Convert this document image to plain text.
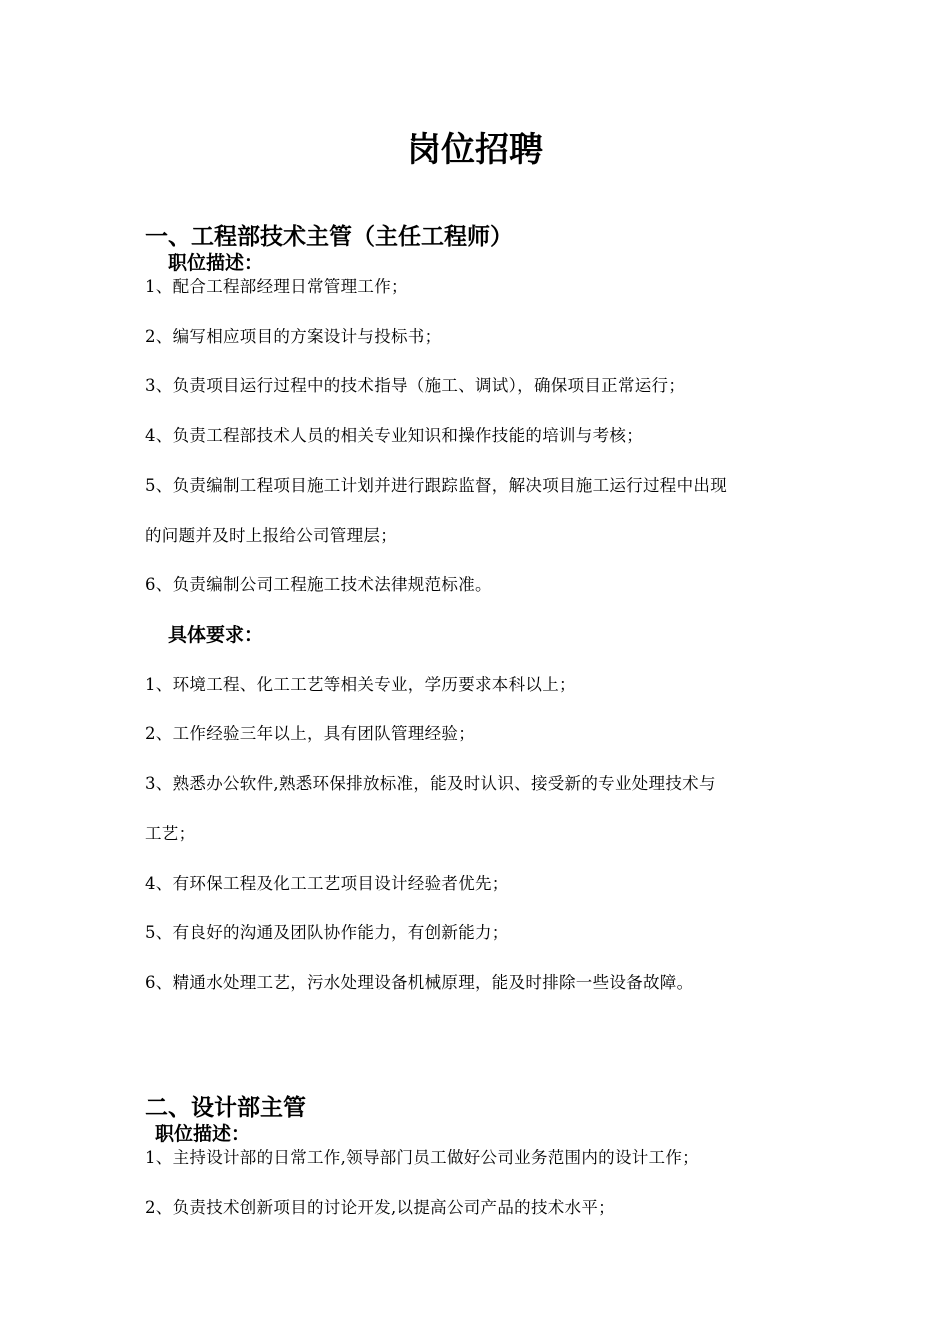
岗位招聘
一、工程部技术主管（主任工程师）
职位描述：
1、配合工程部经理日常管理工作；
2、编写相应项目的方案设计与投标书；
3、负责项目运行过程中的技术指导（施工、调试），确保项目正常运行；
4、负责工程部技术人员的相关专业知识和操作技能的培训与考核；
5、负责编制工程项目施工计划并进行跟踪监督，解决项目施工运行过程中出现
的问题并及时上报给公司管理层；
6、负责编制公司工程施工技术法律规范标准。
具体要求：
1、环境工程、化工工艺等相关专业，学历要求本科以上；
2、工作经验三年以上，具有团队管理经验；
3、熟悉办公软件,熟悉环保排放标准，能及时认识、接受新的专业处理技术与
工艺；
4、有环保工程及化工工艺项目设计经验者优先；
5、有良好的沟通及团队协作能力，有创新能力；
6、精通水处理工艺，污水处理设备机械原理，能及时排除一些设备故障。
二、设计部主管
职位描述：
1、主持设计部的日常工作,领导部门员工做好公司业务范围内的设计工作；
2、负责技术创新项目的讨论开发,以提高公司产品的技术水平；
